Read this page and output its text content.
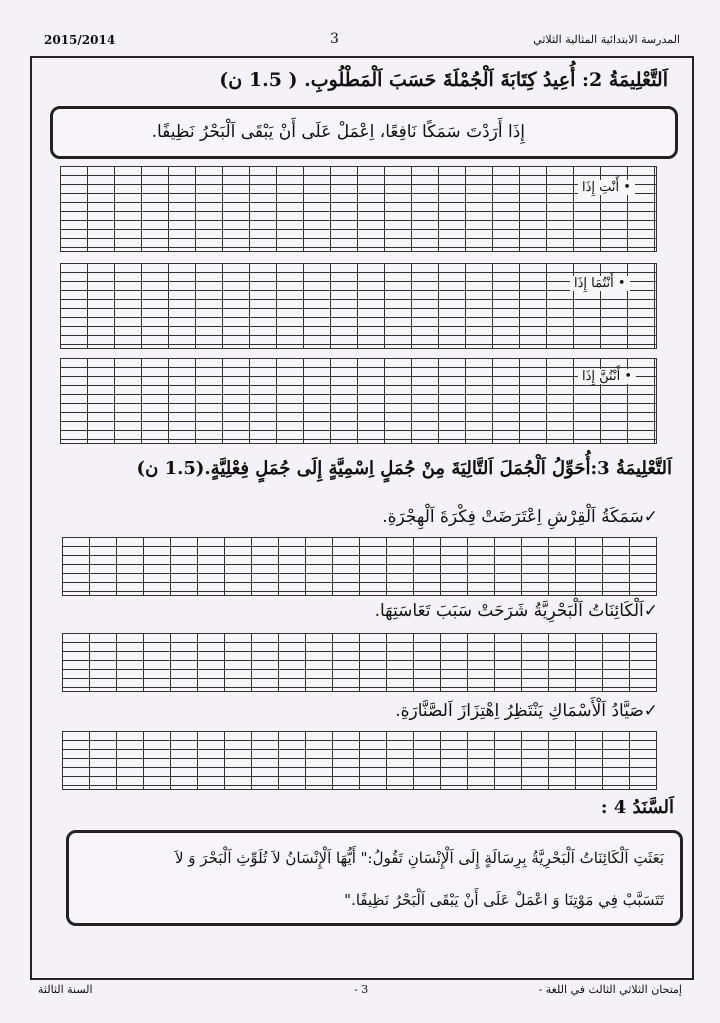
2015/2014	3	المدرسة الابتدائية المثالية الثلاثي
اَلتَّعْلِيمَةُ 2: أُعِيدُ كِتَابَةَ اَلْجُمْلَةَ حَسَبَ اَلْمَطْلُوبِ. ( 1.5 ن)
إِذَا أَرَدْتَ سَمَكًا نَافِعًا، اِعْمَلْ عَلَى أَنْ يَبْقَى اَلْبَحْرُ نَظِيفًا.
• أَنْتِ إِذَا
• أَنْتُمَا إِذَا
• أَنْتُنَّ إِذَا
اَلتَّعْلِيمَةُ 3:أُحَوِّلُ اَلْجُمَلَ اَلتَّالِيَةَ مِنْ جُمَلٍ اِسْمِيَّةٍ إِلَى جُمَلٍ فِعْلِيَّةٍ.(1.5 ن)
✓سَمَكَةُ اَلْقِرْشِ اِعْتَرَضَتْ فِكْرَةَ اَلْهِجْرَةِ.
✓اَلْكَائِنَاتُ اَلْبَحْرِيَّةُ شَرَحَتْ سَبَبَ تَعَاسَتِهَا.
✓صَيَّادُ اَلْأَسْمَاكِ يَنْتَظِرُ اِهْتِزَازَ اَلصَّنَّارَةِ.
اَلسَّنَدُ 4 :
بَعَثَتِ اَلْكَائِنَاتُ اَلْبَحْرِيَّةُ بِرِسَالَةٍ إِلَى اَلْإِنْسَانِ تَقُولُ:" أَيُّهَا اَلْإِنْسَانُ لاَ تُلَوِّثِ اَلْبَحْرَ وَ لاَ
تَتَسَبَّبْ فِي مَوْتِنَا وَ اعْمَلْ عَلَى أَنْ يَبْقَى اَلْبَحْرُ نَظِيفًا."
إمتحان الثلاثي الثالث في اللغة -
- 3
السنة الثالثة
